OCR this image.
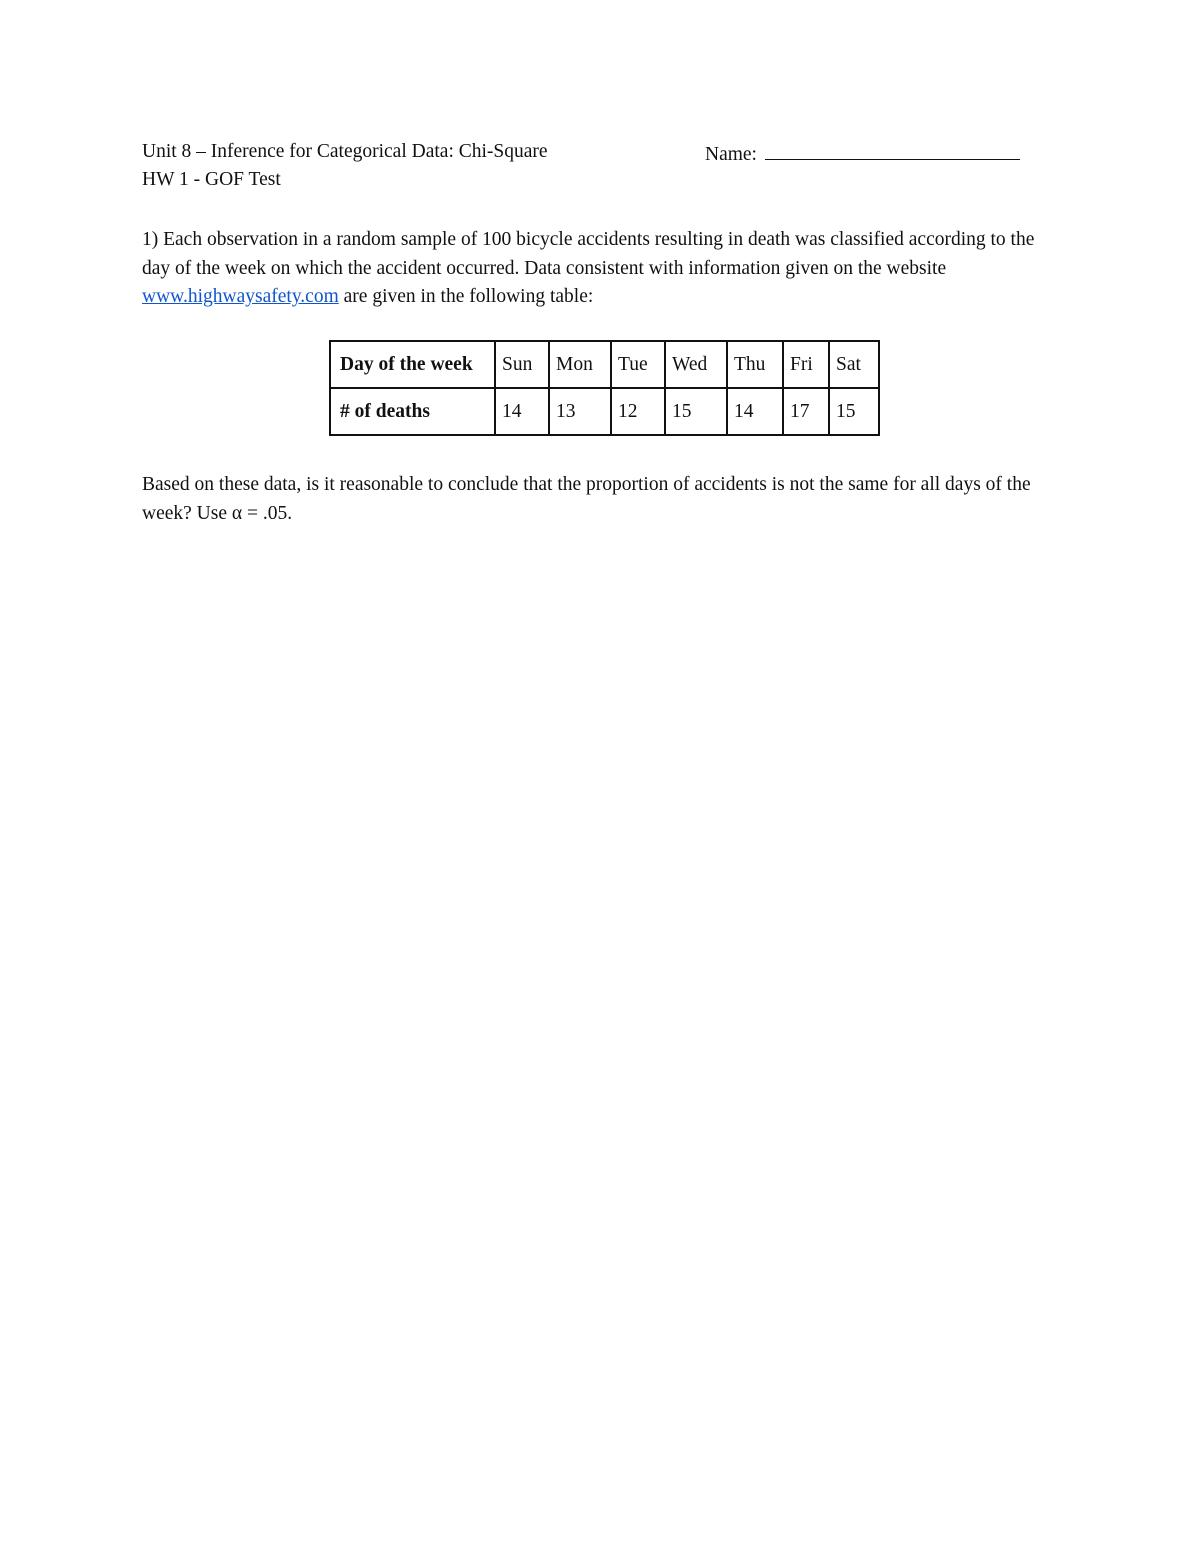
Unit 8 – Inference for Categorical Data: Chi-Square	Name:
HW 1 - GOF Test
1) Each observation in a random sample of 100 bicycle accidents resulting in death was classified according to the day of the week on which the accident occurred. Data consistent with information given on the website www.highwaysafety.com are given in the following table:
Day of the week	Sun	Mon	Tue	Wed	Thu	Fri	Sat
# of deaths	14	13	12	15	14	17	15
Based on these data, is it reasonable to conclude that the proportion of accidents is not the same for all days of the week? Use α = .05.
